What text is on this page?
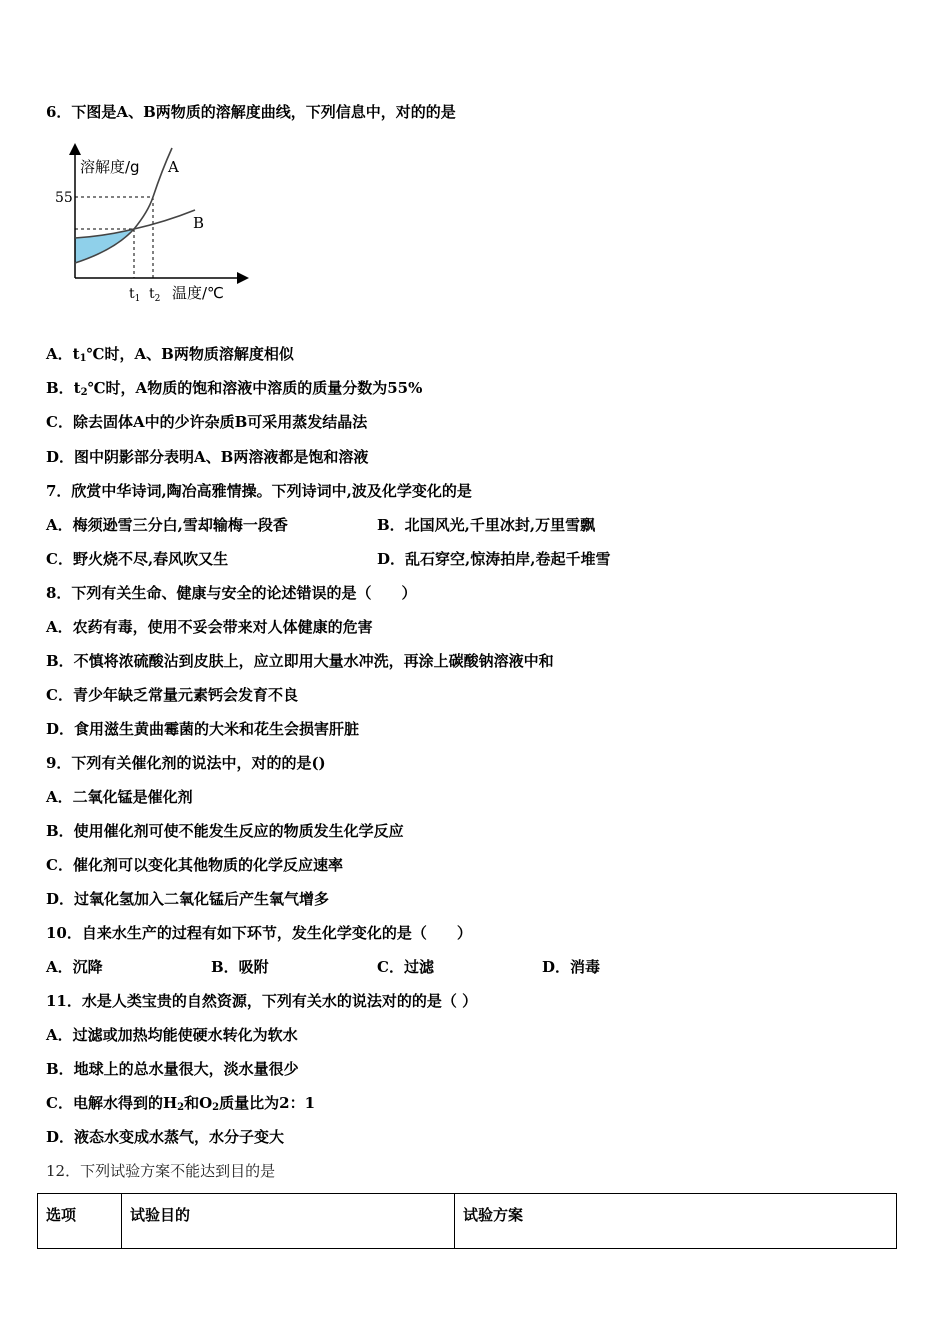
6．下图是A、B两物质的溶解度曲线，下列信息中，对的的是
溶解度/g A
B
55
$t_1$ $t_2$ 温度/℃
A．$t_1℃$时，A、B两物质溶解度相似
B．$t_2℃$时，A物质的饱和溶液中溶质的质量分数为55%
C．除去固体A中的少许杂质B可采用蒸发结晶法
D．图中阴影部分表明A、B两溶液都是饱和溶液
7．欣赏中华诗词,陶冶高雅情操。下列诗词中,波及化学变化的是
A．梅须逊雪三分白,雪却输梅一段香	B．北国风光,千里冰封,万里雪飘
C．野火烧不尽,春风吹又生	D．乱石穿空,惊涛拍岸,卷起千堆雪
8．下列有关生命、健康与安全的论述错误的是（　　）
A．农药有毒，使用不妥会带来对人体健康的危害
B．不慎将浓硫酸沾到皮肤上，应立即用大量水冲洗，再涂上碳酸钠溶液中和
C．青少年缺乏常量元素钙会发育不良
D．食用滋生黄曲霉菌的大米和花生会损害肝脏
9．下列有关催化剂的说法中，对的的是()
A．二氧化锰是催化剂
B．使用催化剂可使不能发生反应的物质发生化学反应
C．催化剂可以变化其他物质的化学反应速率
D．过氧化氢加入二氧化锰后产生氧气增多
10．自来水生产的过程有如下环节，发生化学变化的是（　　）
A．沉降	B．吸附	C．过滤	D．消毒
11．水是人类宝贵的自然资源，下列有关水的说法对的的是（ ）
A．过滤或加热均能使硬水转化为软水
B．地球上的总水量很大，淡水量很少
C．电解水得到的$H_2$和$O_2$质量比为2：1
D．液态水变成水蒸气，水分子变大
12．下列试验方案不能达到目的是
选项	试验目的	试验方案
